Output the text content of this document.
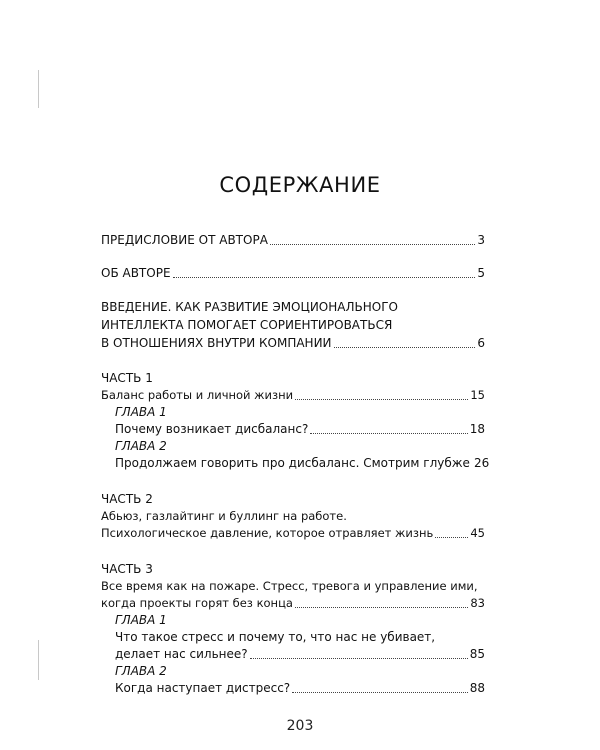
СОДЕРЖАНИЕ
ПРЕДИСЛОВИЕ ОТ АВТОРА	3
ОБ АВТОРЕ	5
ВВЕДЕНИЕ. КАК РАЗВИТИЕ ЭМОЦИОНАЛЬНОГО
ИНТЕЛЛЕКТА ПОМОГАЕТ СОРИЕНТИРОВАТЬСЯ
В ОТНОШЕНИЯХ ВНУТРИ КОМПАНИИ	6
ЧАСТЬ 1
Баланс работы и личной жизни	15
ГЛАВА 1
Почему возникает дисбаланс?	18
ГЛАВА 2
Продолжаем говорить про дисбаланс. Смотрим глубже 26
ЧАСТЬ 2
Абьюз, газлайтинг и буллинг на работе.
Психологическое давление, которое отравляет жизнь	45
ЧАСТЬ 3
Все время как на пожаре. Стресс, тревога и управление ими,
когда проекты горят без конца	83
ГЛАВА 1
Что такое стресс и почему то, что нас не убивает,
делает нас сильнее?	85
ГЛАВА 2
Когда наступает дистресс?	88
203
